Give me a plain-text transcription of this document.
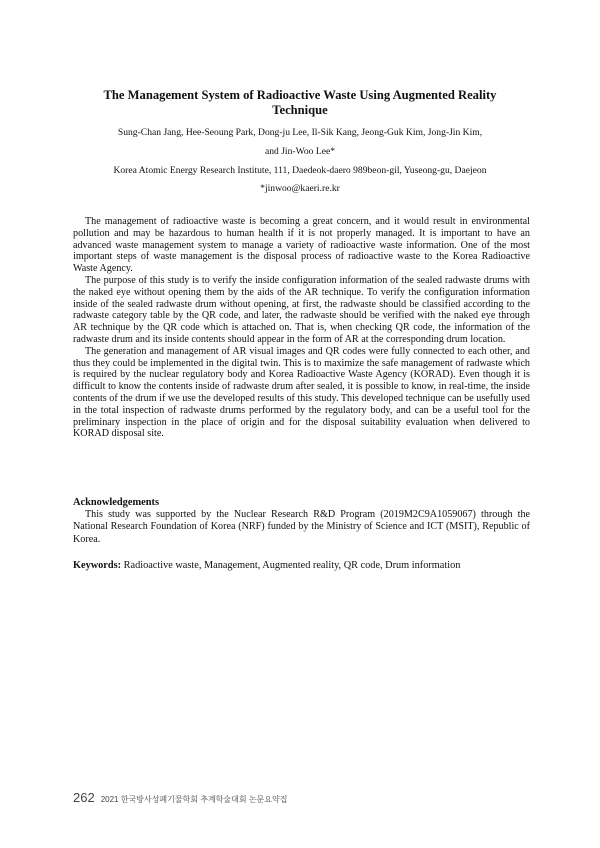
The Management System of Radioactive Waste Using Augmented Reality Technique
Sung-Chan Jang, Hee-Seoung Park, Dong-ju Lee, Il-Sik Kang, Jeong-Guk Kim, Jong-Jin Kim,
and Jin-Woo Lee*
Korea Atomic Energy Research Institute, 111, Daedeok-daero 989beon-gil, Yuseong-gu, Daejeon
*jinwoo@kaeri.re.kr

The management of radioactive waste is becoming a great concern, and it would result in environmental pollution and may be hazardous to human health if it is not properly managed. It is important to have an advanced waste management system to manage a variety of radioactive waste information. One of the most important steps of waste management is the disposal process of radioactive waste to the Korea Radioactive Waste Agency.

The purpose of this study is to verify the inside configuration information of the sealed radwaste drums with the naked eye without opening them by the aids of the AR technique. To verify the configuration information inside of the sealed radwaste drum without opening, at first, the radwaste should be classified according to the radwaste category table by the QR code, and later, the radwaste should be verified with the naked eye through AR technique by the QR code which is attached on. That is, when checking QR code, the information of the radwaste drum and its inside contents should appear in the form of AR at the corresponding drum location.

The generation and management of AR visual images and QR codes were fully connected to each other, and thus they could be implemented in the digital twin. This is to maximize the safe management of radwaste which is required by the nuclear regulatory body and Korea Radioactive Waste Agency (KORAD). Even though it is difficult to know the contents inside of radwaste drum after sealed, it is possible to know, in real-time, the inside contents of the drum if we use the developed results of this study. This developed technique can be usefully used in the total inspection of radwaste drums performed by the regulatory body, and can be a useful tool for the preliminary inspection in the place of origin and for the disposal suitability evaluation when delivered to KORAD disposal site.

Acknowledgements

This study was supported by the Nuclear Research R&D Program (2019M2C9A1059067) through the National Research Foundation of Korea (NRF) funded by the Ministry of Science and ICT (MSIT), Republic of Korea.

Keywords: Radioactive waste, Management, Augmented reality, QR code, Drum information
262 2021 한국방사성폐기물학회 추계학술대회 논문요약집
